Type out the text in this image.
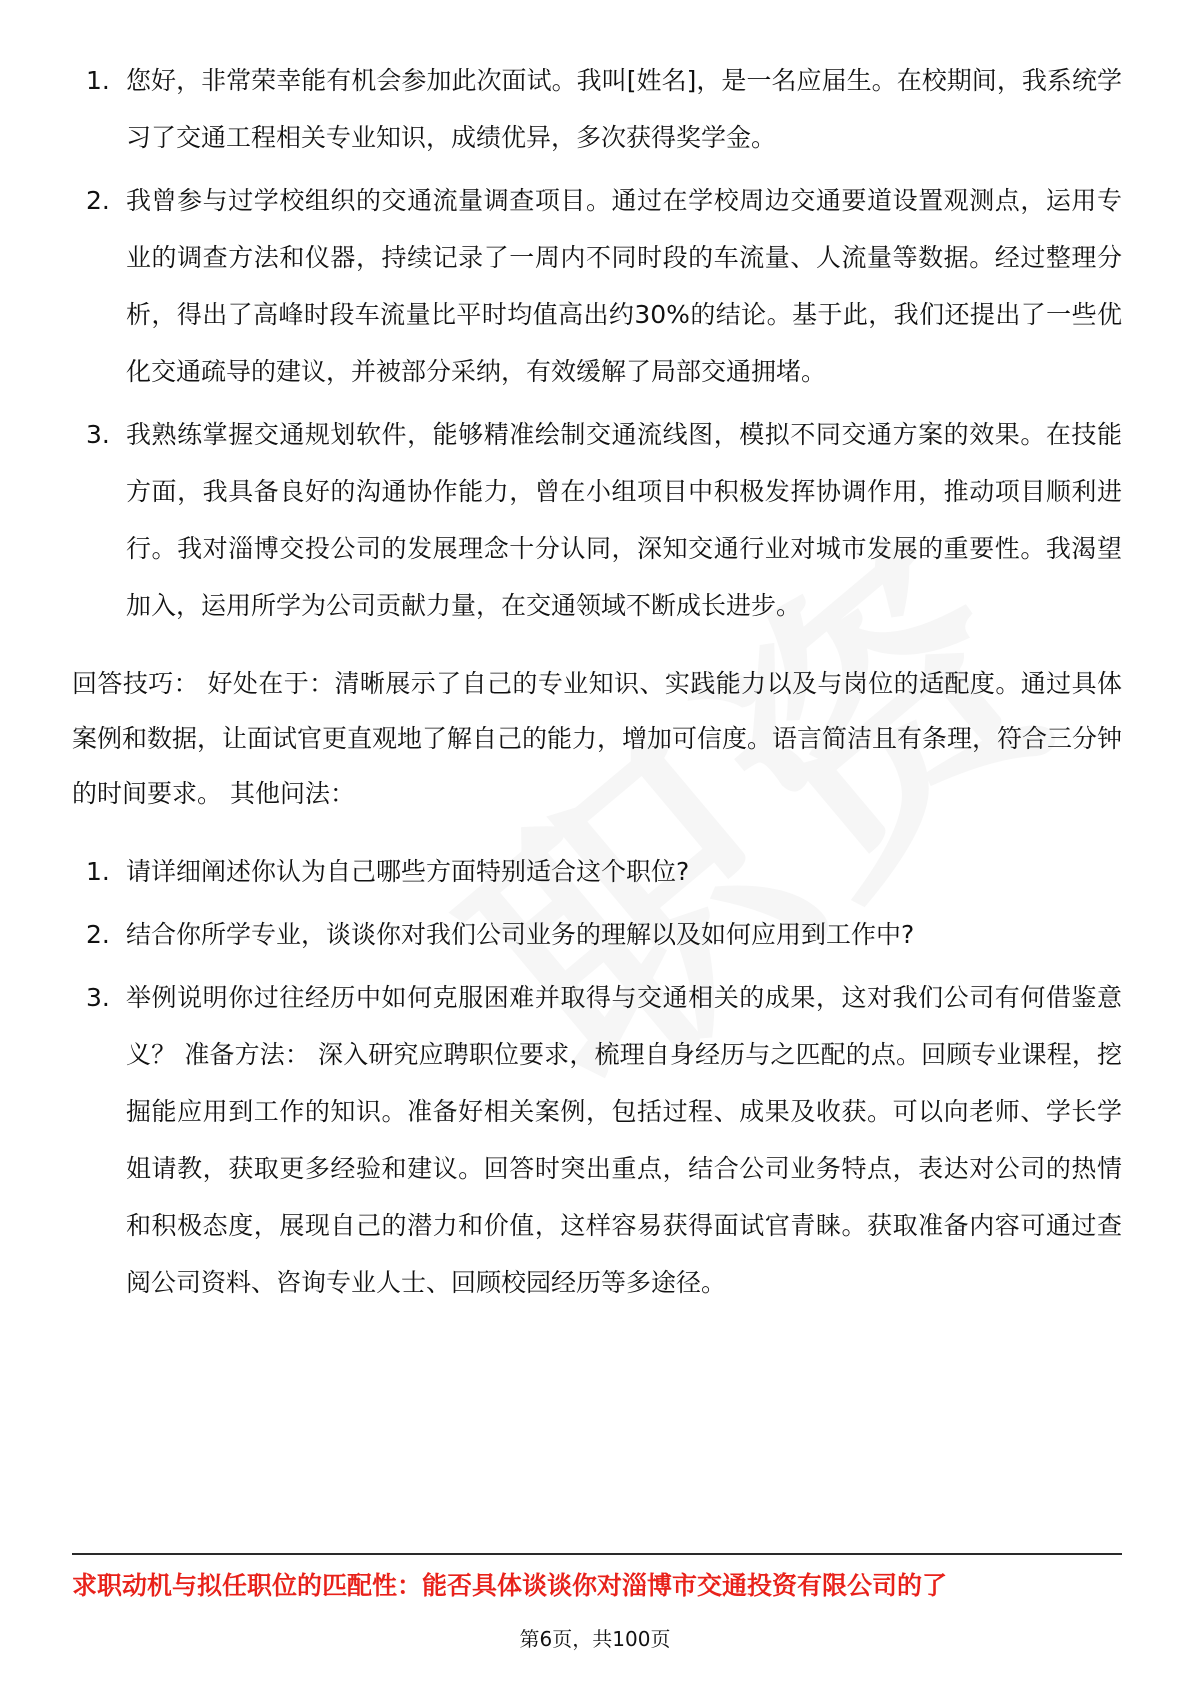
1. 您好，非常荣幸能有机会参加此次面试。我叫[姓名]，是一名应届生。在校期间，我系统学习了交通工程相关专业知识，成绩优异，多次获得奖学金。
2. 我曾参与过学校组织的交通流量调查项目。通过在学校周边交通要道设置观测点，运用专业的调查方法和仪器，持续记录了一周内不同时段的车流量、人流量等数据。经过整理分析，得出了高峰时段车流量比平时均值高出约30%的结论。基于此，我们还提出了一些优化交通疏导的建议，并被部分采纳，有效缓解了局部交通拥堵。
3. 我熟练掌握交通规划软件，能够精准绘制交通流线图，模拟不同交通方案的效果。在技能方面，我具备良好的沟通协作能力，曾在小组项目中积极发挥协调作用，推动项目顺利进行。我对淄博交投公司的发展理念十分认同，深知交通行业对城市发展的重要性。我渴望加入，运用所学为公司贡献力量，在交通领域不断成长进步。

回答技巧： 好处在于：清晰展示了自己的专业知识、实践能力以及与岗位的适配度。通过具体案例和数据，让面试官更直观地了解自己的能力，增加可信度。语言简洁且有条理，符合三分钟的时间要求。 其他问法：

1. 请详细阐述你认为自己哪些方面特别适合这个职位?
2. 结合你所学专业，谈谈你对我们公司业务的理解以及如何应用到工作中?
3. 举例说明你过往经历中如何克服困难并取得与交通相关的成果，这对我们公司有何借鉴意义？ 准备方法： 深入研究应聘职位要求，梳理自身经历与之匹配的点。回顾专业课程，挖掘能应用到工作的知识。准备好相关案例，包括过程、成果及收获。可以向老师、学长学姐请教，获取更多经验和建议。回答时突出重点，结合公司业务特点，表达对公司的热情和积极态度，展现自己的潜力和价值，这样容易获得面试官青睐。获取准备内容可通过查阅公司资料、咨询专业人士、回顾校园经历等多途径。
求职动机与拟任职位的匹配性：能否具体谈谈你对淄博市交通投资有限公司的了
第6页，共100页
